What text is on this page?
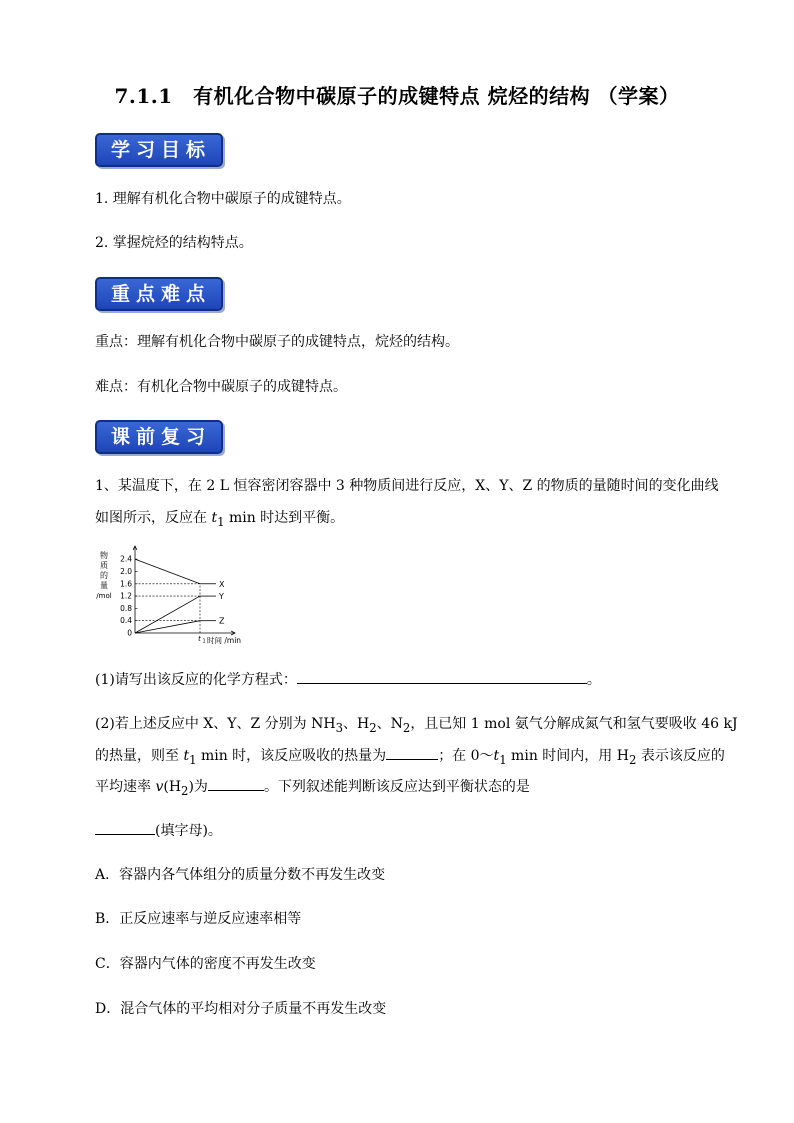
7.1.1　有机化合物中碳原子的成键特点 烷烃的结构 （学案）
学习目标
1. 理解有机化合物中碳原子的成键特点。
2. 掌握烷烃的结构特点。
重点难点
重点：理解有机化合物中碳原子的成键特点，烷烃的结构。
难点：有机化合物中碳原子的成键特点。
课前复习
1、某温度下，在 2 L 恒容密闭容器中 3 种物质间进行反应，X、Y、Z 的物质的量随时间的变化曲线
如图所示，反应在 $t_1$ min 时达到平衡。
物
质
的
量
/mol
0
0.4
0.8
1.2
1.6
2.0
2.4
t 1 时间 /min
X
Y
Z
(1)请写出该反应的化学方程式：	。
(2)若上述反应中 X、Y、Z 分别为 $NH_3$、$H_2$、$N_2$，且已知 1 mol 氨气分解成氮气和氢气要吸收 46 kJ
的热量，则至 $t_1$ min 时，该反应吸收的热量为	；在 $0\sim t_1$ min 时间内，用 $H_2$ 表示该反应的
平均速率 $v(H_2)$为	。下列叙述能判断该反应达到平衡状态的是
(填字母)。
A．容器内各气体组分的质量分数不再发生改变
B．正反应速率与逆反应速率相等
C．容器内气体的密度不再发生改变
D．混合气体的平均相对分子质量不再发生改变
